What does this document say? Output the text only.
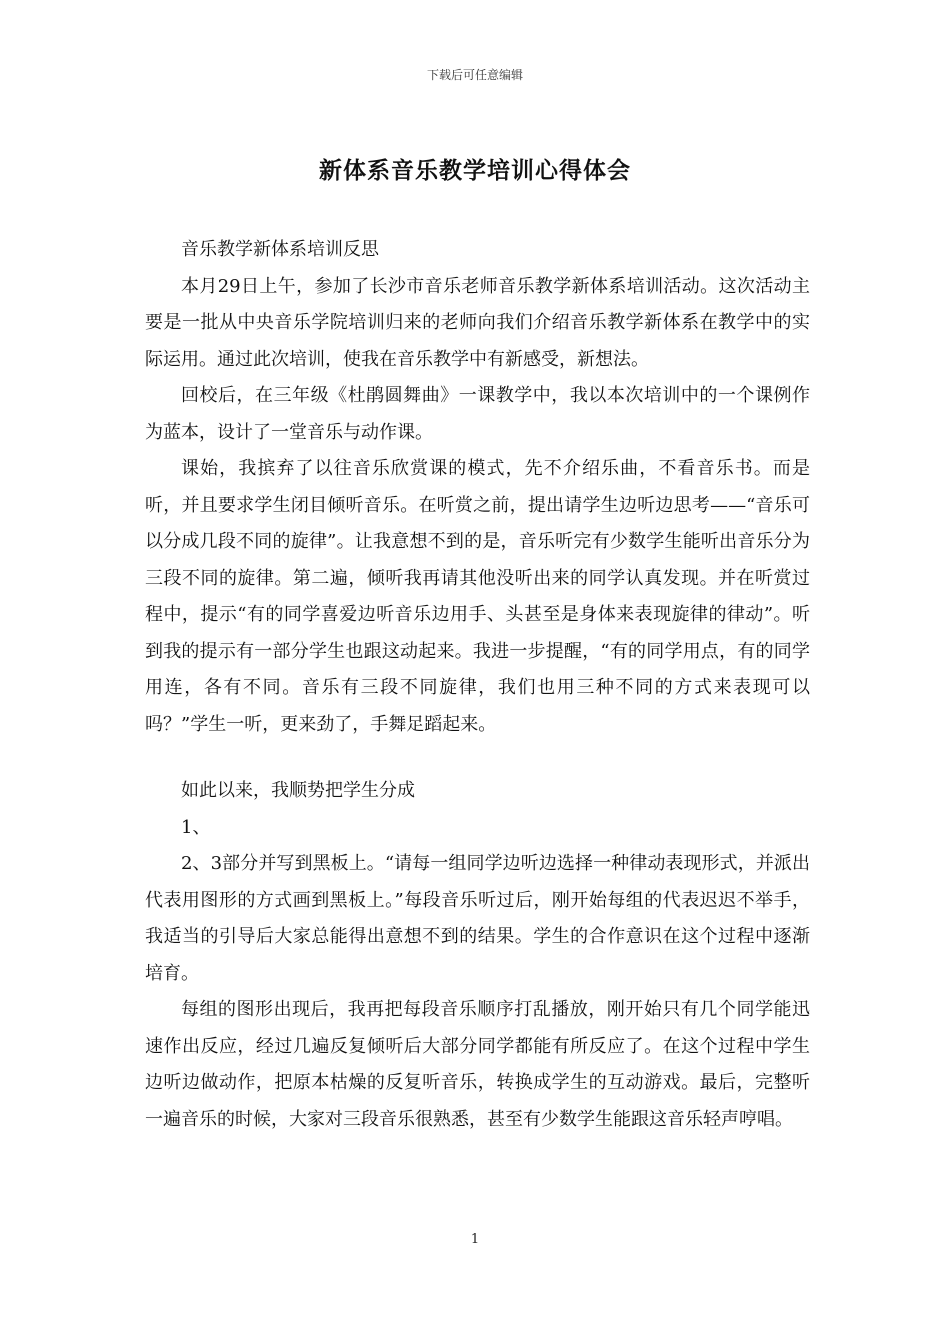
下载后可任意编辑
新体系音乐教学培训心得体会

音乐教学新体系培训反思

本月29日上午，参加了长沙市音乐老师音乐教学新体系培训活动。这次活动主要是一批从中央音乐学院培训归来的老师向我们介绍音乐教学新体系在教学中的实际运用。通过此次培训，使我在音乐教学中有新感受，新想法。

回校后，在三年级《杜鹃圆舞曲》一课教学中，我以本次培训中的一个课例作为蓝本，设计了一堂音乐与动作课。

课始，我摈弃了以往音乐欣赏课的模式，先不介绍乐曲，不看音乐书。而是听，并且要求学生闭目倾听音乐。在听赏之前，提出请学生边听边思考——“音乐可以分成几段不同的旋律”。让我意想不到的是，音乐听完有少数学生能听出音乐分为三段不同的旋律。第二遍，倾听我再请其他没听出来的同学认真发现。并在听赏过程中，提示“有的同学喜爱边听音乐边用手、头甚至是身体来表现旋律的律动”。听到我的提示有一部分学生也跟这动起来。我进一步提醒，“有的同学用点，有的同学用连，各有不同。音乐有三段不同旋律，我们也用三种不同的方式来表现可以吗？”学生一听，更来劲了，手舞足蹈起来。

如此以来，我顺势把学生分成

1、

2、3部分并写到黑板上。“请每一组同学边听边选择一种律动表现形式，并派出代表用图形的方式画到黑板上。”每段音乐听过后，刚开始每组的代表迟迟不举手，我适当的引导后大家总能得出意想不到的结果。学生的合作意识在这个过程中逐渐培育。

每组的图形出现后，我再把每段音乐顺序打乱播放，刚开始只有几个同学能迅速作出反应，经过几遍反复倾听后大部分同学都能有所反应了。在这个过程中学生边听边做动作，把原本枯燥的反复听音乐，转换成学生的互动游戏。最后，完整听一遍音乐的时候，大家对三段音乐很熟悉，甚至有少数学生能跟这音乐轻声哼唱。

1
